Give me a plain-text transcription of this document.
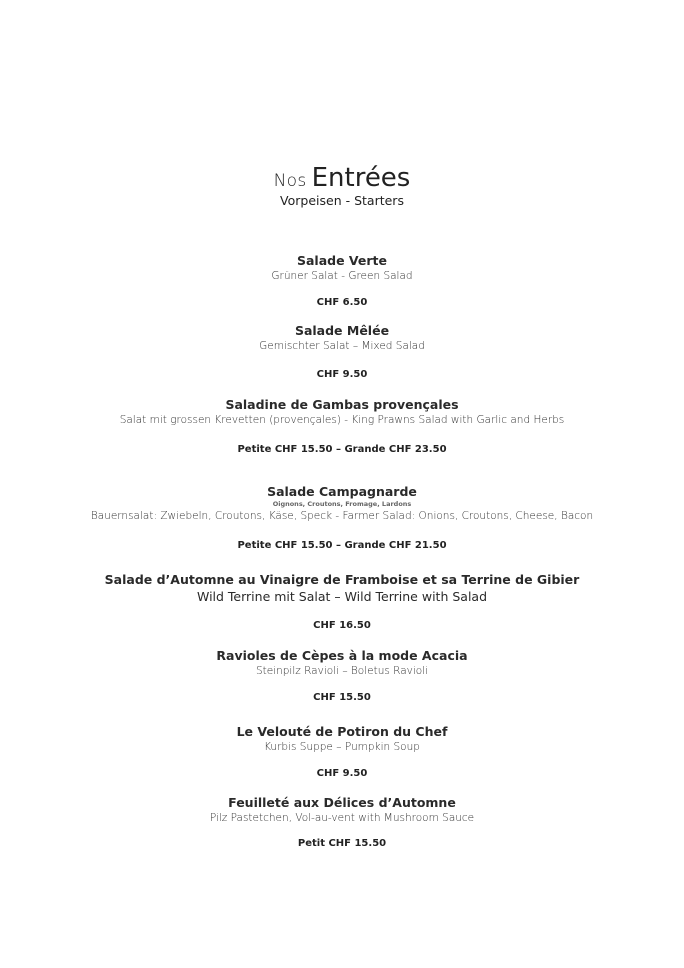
Nos Entrées
Vorpeisen - Starters
Salade Verte
Grüner Salat - Green Salad
CHF 6.50
Salade Mêlée
Gemischter Salat – Mixed Salad
CHF 9.50
Saladine de Gambas provençales
Salat mit grossen Krevetten (provençales) - King Prawns Salad with Garlic and Herbs
Petite CHF 15.50 – Grande CHF 23.50
Salade Campagnarde
Oignons, Croutons, Fromage, Lardons
Bauernsalat: Zwiebeln, Croutons, Käse, Speck - Farmer Salad: Onions, Croutons, Cheese, Bacon
Petite CHF 15.50 – Grande CHF 21.50
Salade d’Automne au Vinaigre de Framboise et sa Terrine de Gibier
Wild Terrine mit Salat – Wild Terrine with Salad
CHF 16.50
Ravioles de Cèpes à la mode Acacia
Steinpilz Ravioli – Boletus Ravioli
CHF 15.50
Le Velouté de Potiron du Chef
Kurbis Suppe – Pumpkin Soup
CHF 9.50
Feuilleté aux Délices d’Automne
Pilz Pastetchen, Vol-au-vent with Mushroom Sauce
Petit CHF 15.50
